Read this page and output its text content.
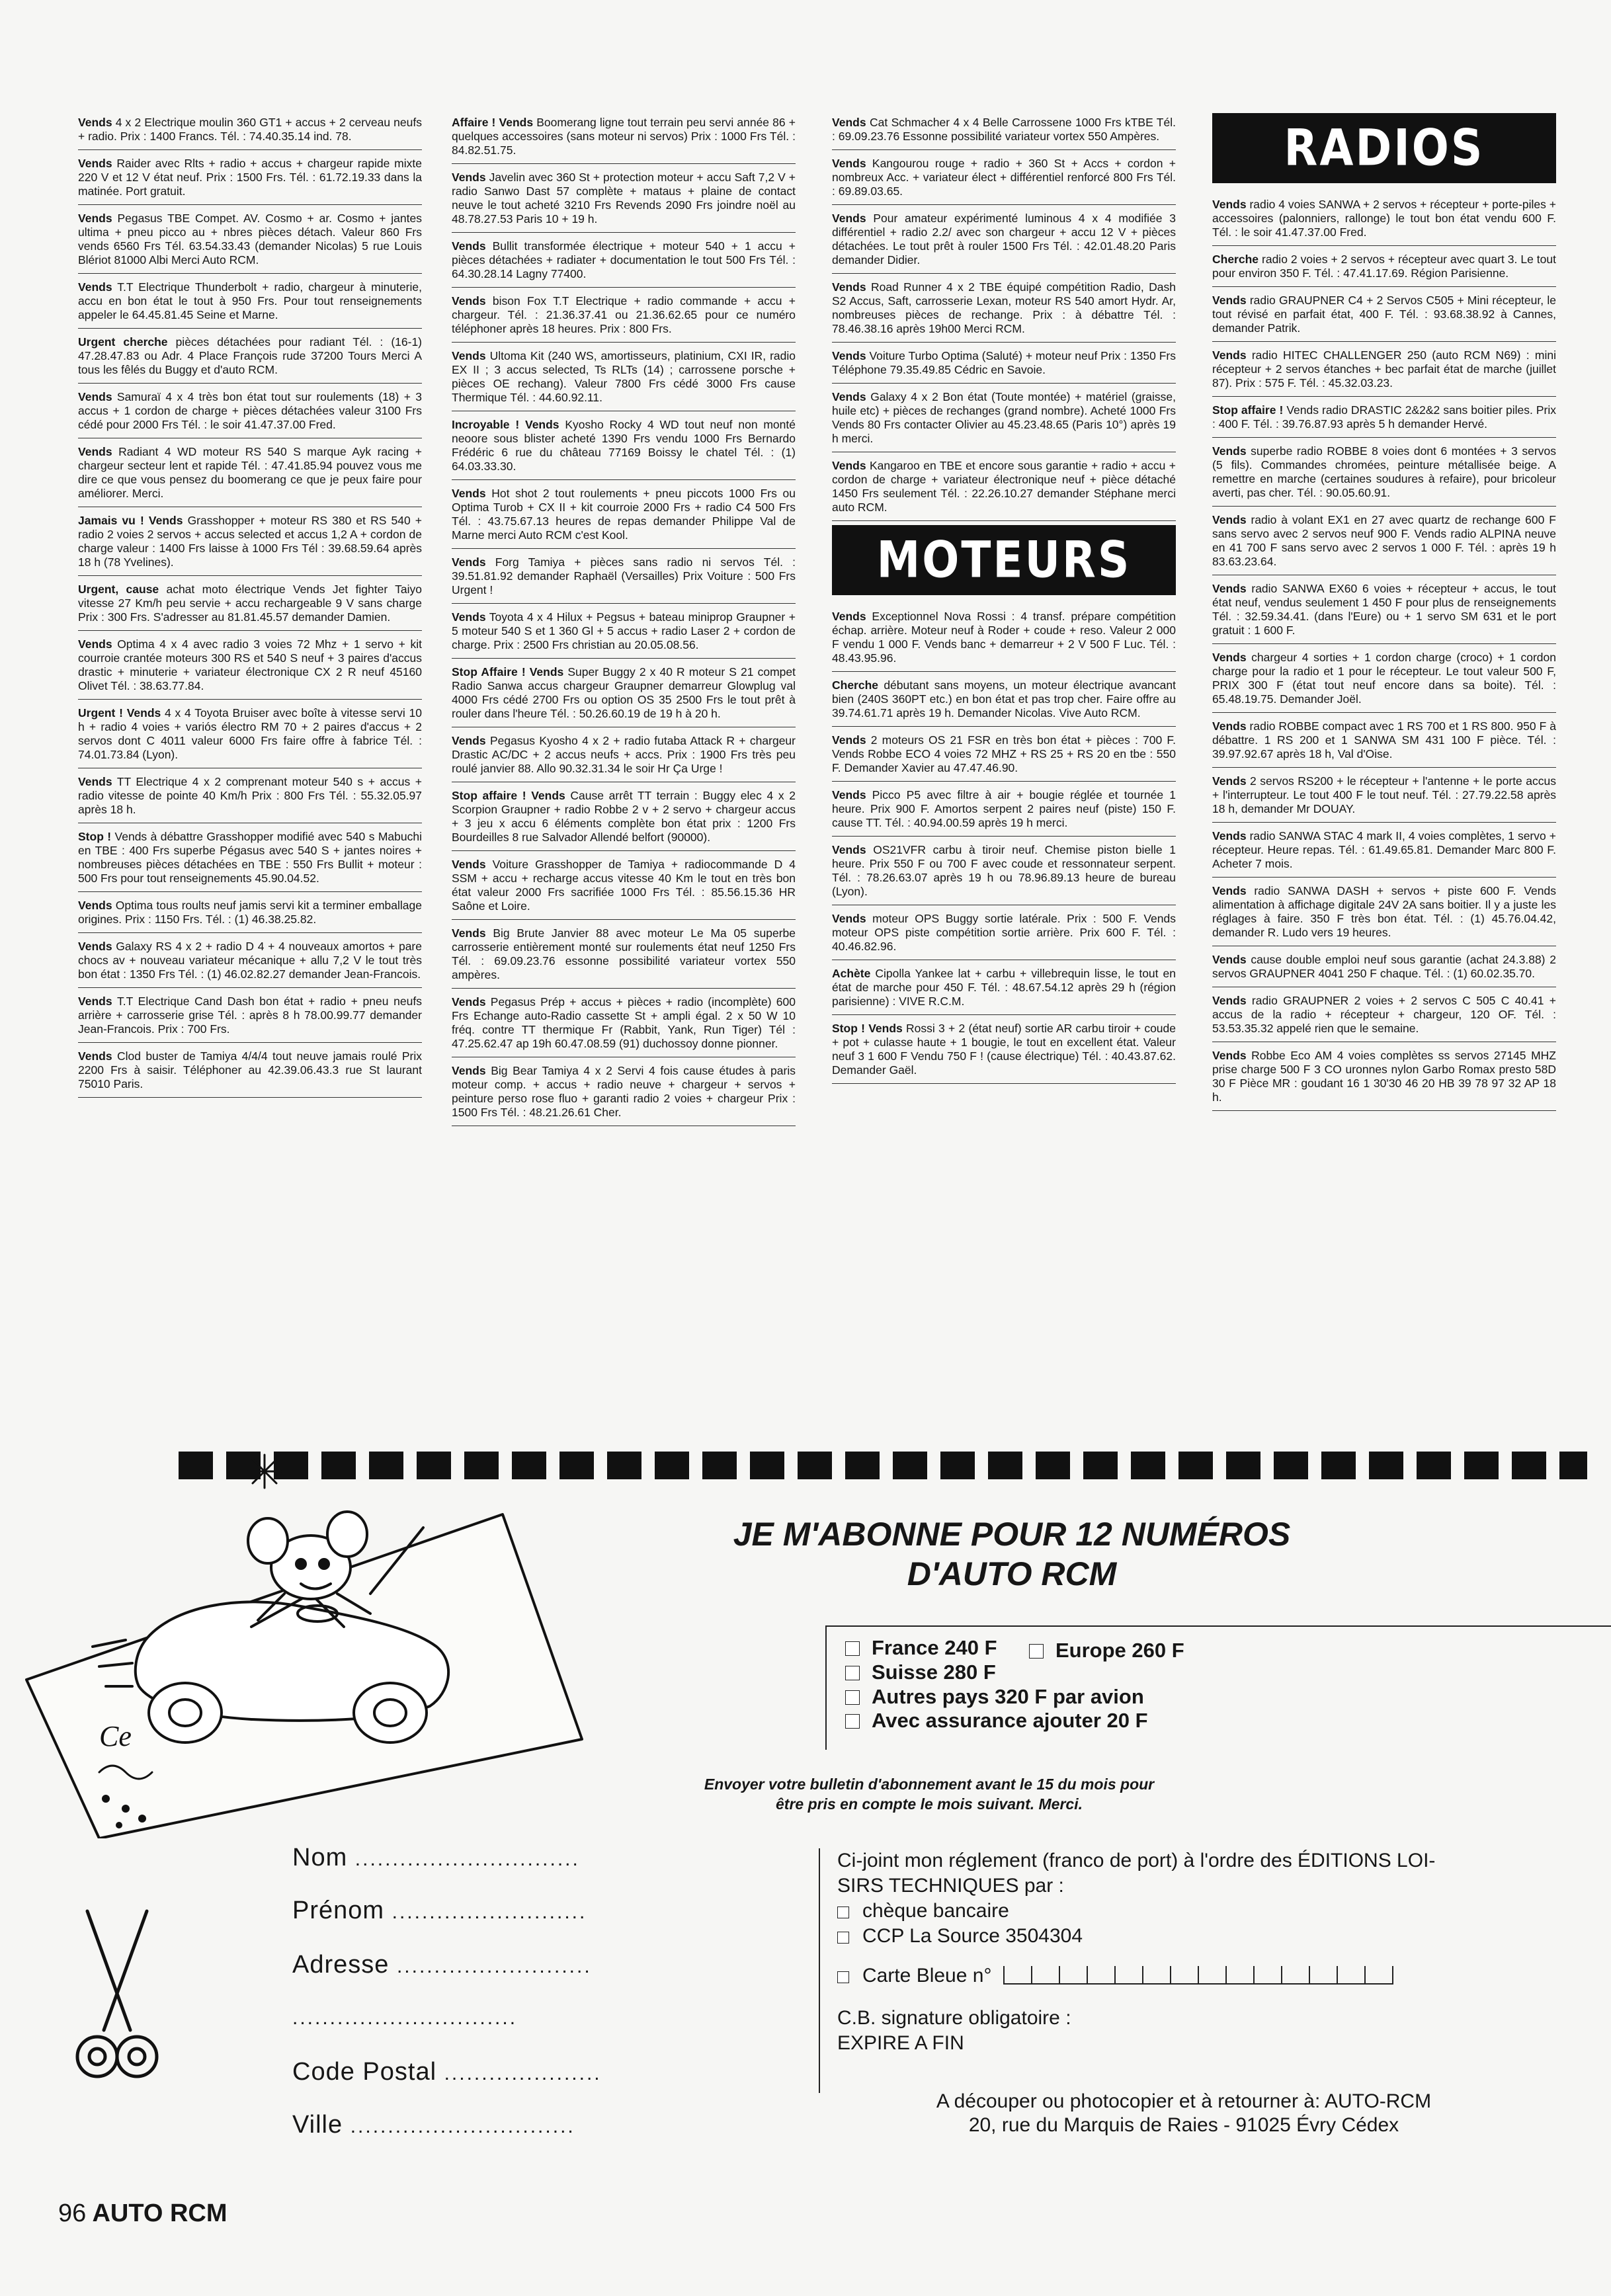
Vends 4 x 2 Electrique moulin 360 GT1 + accus + 2 cerveau neufs + radio. Prix : 1400 Francs. Tél. : 74.40.35.14 ind. 78.
Vends Raider avec Rlts + radio + accus + chargeur rapide mixte 220 V et 12 V état neuf. Prix : 1500 Frs. Tél. : 61.72.19.33 dans la matinée. Port gratuit.
Vends Pegasus TBE Compet. AV. Cosmo + ar. Cosmo + jantes ultima + pneu picco au + nbres pièces détach. Valeur 860 Frs vends 6560 Frs Tél. 63.54.33.43 (demander Nicolas) 5 rue Louis Blériot 81000 Albi Merci Auto RCM.
Vends T.T Electrique Thunderbolt + radio, chargeur à minuterie, accu en bon état le tout à 950 Frs. Pour tout renseignements appeler le 64.45.81.45 Seine et Marne.
Urgent cherche pièces détachées pour radiant Tél. : (16-1) 47.28.47.83 ou Adr. 4 Place François rude 37200 Tours Merci A tous les fêlés du Buggy et d'auto RCM.
Vends Samuraï 4 x 4 très bon état tout sur roulements (18) + 3 accus + 1 cordon de charge + pièces détachées valeur 3100 Frs cédé pour 2000 Frs Tél. : le soir 41.47.37.00 Fred.
Vends Radiant 4 WD moteur RS 540 S marque Ayk racing + chargeur secteur lent et rapide Tél. : 47.41.85.94 pouvez vous me dire ce que vous pensez du boomerang ce que je peux faire pour améliorer. Merci.
Jamais vu ! Vends Grasshopper + moteur RS 380 et RS 540 + radio 2 voies 2 servos + accus selected et accus 1,2 A + cordon de charge valeur : 1400 Frs laisse à 1000 Frs Tél : 39.68.59.64 après 18 h (78 Yvelines).
Urgent, cause achat moto électrique Vends Jet fighter Taiyo vitesse 27 Km/h peu servie + accu rechargeable 9 V sans charge Prix : 300 Frs. S'adresser au 81.81.45.57 demander Damien.
Vends Optima 4 x 4 avec radio 3 voies 72 Mhz + 1 servo + kit courroie crantée moteurs 300 RS et 540 S neuf + 3 paires d'accus drastic + minuterie + variateur électronique CX 2 R neuf 45160 Olivet Tél. : 38.63.77.84.
Urgent ! Vends 4 x 4 Toyota Bruiser avec boîte à vitesse servi 10 h + radio 4 voies + variós électro RM 70 + 2 paires d'accus + 2 servos dont C 4011 valeur 6000 Frs faire offre à fabrice Tél. : 74.01.73.84 (Lyon).
Vends TT Electrique 4 x 2 comprenant moteur 540 s + accus + radio vitesse de pointe 40 Km/h Prix : 800 Frs Tél. : 55.32.05.97 après 18 h.
Stop ! Vends à débattre Grasshopper modifié avec 540 s Mabuchi en TBE : 400 Frs superbe Pégasus avec 540 S + jantes noires + nombreuses pièces détachées en TBE : 550 Frs Bullit + moteur : 500 Frs pour tout renseignements 45.90.04.52.
Vends Optima tous roults neuf jamis servi kit a terminer emballage origines. Prix : 1150 Frs. Tél. : (1) 46.38.25.82.
Vends Galaxy RS 4 x 2 + radio D 4 + 4 nouveaux amortos + pare chocs av + nouveau variateur mécanique + allu 7,2 V le tout très bon état : 1350 Frs Tél. : (1) 46.02.82.27 demander Jean-Francois.
Vends T.T Electrique Cand Dash bon état + radio + pneu neufs arrière + carrosserie grise Tél. : après 8 h 78.00.99.77 demander Jean-Francois. Prix : 700 Frs.
Vends Clod buster de Tamiya 4/4/4 tout neuve jamais roulé Prix 2200 Frs à saisir. Téléphoner au 42.39.06.43.3 rue St laurant 75010 Paris.
Affaire ! Vends Boomerang ligne tout terrain peu servi année 86 + quelques accessoires (sans moteur ni servos) Prix : 1000 Frs Tél. : 84.82.51.75.
Vends Javelin avec 360 St + protection moteur + accu Saft 7,2 V + radio Sanwo Dast 57 complète + mataus + plaine de contact neuve le tout acheté 3210 Frs Revends 2090 Frs joindre noël au 48.78.27.53 Paris 10 + 19 h.
Vends Bullit transformée électrique + moteur 540 + 1 accu + pièces détachées + radiater + documentation le tout 500 Frs Tél. : 64.30.28.14 Lagny 77400.
Vends bison Fox T.T Electrique + radio commande + accu + chargeur. Tél. : 21.36.37.41 ou 21.36.62.65 pour ce numéro téléphoner après 18 heures. Prix : 800 Frs.
Vends Ultoma Kit (240 WS, amortisseurs, platinium, CXI IR, radio EX II ; 3 accus selected, Ts RLTs (14) ; carrossene porsche + pièces OE rechang). Valeur 7800 Frs cédé 3000 Frs cause Thermique Tél. : 44.60.92.11.
Incroyable ! Vends Kyosho Rocky 4 WD tout neuf non monté neoore sous blister acheté 1390 Frs vendu 1000 Frs Bernardo Frédéric 6 rue du château 77169 Boissy le chatel Tél. : (1) 64.03.33.30.
Vends Hot shot 2 tout roulements + pneu piccots 1000 Frs ou Optima Turob + CX II + kit courroie 2000 Frs + radio C4 500 Frs Tél. : 43.75.67.13 heures de repas demander Philippe Val de Marne merci Auto RCM c'est Kool.
Vends Forg Tamiya + pièces sans radio ni servos Tél. : 39.51.81.92 demander Raphaël (Versailles) Prix Voiture : 500 Frs Urgent !
Vends Toyota 4 x 4 Hilux + Pegsus + bateau miniprop Graupner + 5 moteur 540 S et 1 360 Gl + 5 accus + radio Laser 2 + cordon de charge. Prix : 2500 Frs christian au 20.05.08.56.
Stop Affaire ! Vends Super Buggy 2 x 40 R moteur S 21 compet Radio Sanwa accus chargeur Graupner demarreur Glowplug val 4000 Frs cédé 2700 Frs ou option OS 35 2500 Frs le tout prêt à rouler dans l'heure Tél. : 50.26.60.19 de 19 h à 20 h.
Vends Pegasus Kyosho 4 x 2 + radio futaba Attack R + chargeur Drastic AC/DC + 2 accus neufs + accs. Prix : 1900 Frs très peu roulé janvier 88. Allo 90.32.31.34 le soir Hr Ça Urge !
Stop affaire ! Vends Cause arrêt TT terrain : Buggy elec 4 x 2 Scorpion Graupner + radio Robbe 2 v + 2 servo + chargeur accus + 3 jeu x accu 6 éléments complète bon état prix : 1200 Frs Bourdeilles 8 rue Salvador Allendé belfort (90000).
Vends Voiture Grasshopper de Tamiya + radiocommande D 4 SSM + accu + recharge accus vitesse 40 Km le tout en très bon état valeur 2000 Frs sacrifiée 1000 Frs Tél. : 85.56.15.36 HR Saône et Loire.
Vends Big Brute Janvier 88 avec moteur Le Ma 05 superbe carrosserie entièrement monté sur roulements état neuf 1250 Frs Tél. : 69.09.23.76 essonne possibilité variateur vortex 550 ampères.
Vends Pegasus Prép + accus + pièces + radio (incomplète) 600 Frs Echange auto-Radio cassette St + ampli égal. 2 x 50 W 10 fréq. contre TT thermique Fr (Rabbit, Yank, Run Tiger) Tél : 47.25.62.47 ap 19h 60.47.08.59 (91) duchossoy donne pionner.
Vends Big Bear Tamiya 4 x 2 Servi 4 fois cause études à paris moteur comp. + accus + radio neuve + chargeur + servos + peinture perso rose fluo + garanti radio 2 voies + chargeur Prix : 1500 Frs Tél. : 48.21.26.61 Cher.
Vends Cat Schmacher 4 x 4 Belle Carrossene 1000 Frs kTBE Tél. : 69.09.23.76 Essonne possibilité variateur vortex 550 Ampères.
Vends Kangourou rouge + radio + 360 St + Accs + cordon + nombreux Acc. + variateur élect + différentiel renforcé 800 Frs Tél. : 69.89.03.65.
Vends Pour amateur expérimenté luminous 4 x 4 modifiée 3 différentiel + radio 2.2/ avec son chargeur + accu 12 V + pièces détachées. Le tout prêt à rouler 1500 Frs Tél. : 42.01.48.20 Paris demander Didier.
Vends Road Runner 4 x 2 TBE équipé compétition Radio, Dash S2 Accus, Saft, carrosserie Lexan, moteur RS 540 amort Hydr. Ar, nombreuses pièces de rechange. Prix : à débattre Tél. : 78.46.38.16 après 19h00 Merci RCM.
Vends Voiture Turbo Optima (Saluté) + moteur neuf Prix : 1350 Frs Téléphone 79.35.49.85 Cédric en Savoie.
Vends Galaxy 4 x 2 Bon état (Toute montée) + matériel (graisse, huile etc) + pièces de rechanges (grand nombre). Acheté 1000 Frs Vends 80 Frs contacter Olivier au 45.23.48.65 (Paris 10°) après 19 h merci.
Vends Kangaroo en TBE et encore sous garantie + radio + accu + cordon de charge + variateur électronique neuf + pièce détaché 1450 Frs seulement Tél. : 22.26.10.27 demander Stéphane merci auto RCM.
MOTEURS
Vends Exceptionnel Nova Rossi : 4 transf. prépare compétition échap. arrière. Moteur neuf à Roder + coude + reso. Valeur 2 000 F vendu 1 000 F. Vends banc + demarreur + 2 V 500 F Luc. Tél. : 48.43.95.96.
Cherche débutant sans moyens, un moteur électrique avancant bien (240S 360PT etc.) en bon état et pas trop cher. Faire offre au 39.74.61.71 après 19 h. Demander Nicolas. Vive Auto RCM.
Vends 2 moteurs OS 21 FSR en très bon état + pièces : 700 F. Vends Robbe ECO 4 voies 72 MHZ + RS 25 + RS 20 en tbe : 550 F. Demander Xavier au 47.47.46.90.
Vends Picco P5 avec filtre à air + bougie réglée et tournée 1 heure. Prix 900 F. Amortos serpent 2 paires neuf (piste) 150 F. cause TT. Tél. : 40.94.00.59 après 19 h merci.
Vends OS21VFR carbu à tiroir neuf. Chemise piston bielle 1 heure. Prix 550 F ou 700 F avec coude et ressonnateur serpent. Tél. : 78.26.63.07 après 19 h ou 78.96.89.13 heure de bureau (Lyon).
Vends moteur OPS Buggy sortie latérale. Prix : 500 F. Vends moteur OPS piste compétition sortie arrière. Prix 600 F. Tél. : 40.46.82.96.
Achète Cipolla Yankee lat + carbu + villebrequin lisse, le tout en état de marche pour 450 F. Tél. : 48.67.54.12 après 29 h (région parisienne) : VIVE R.C.M.
Stop ! Vends Rossi 3 + 2 (état neuf) sortie AR carbu tiroir + coude + pot + culasse haute + 1 bougie, le tout en excellent état. Valeur neuf 3 1 600 F Vendu 750 F ! (cause électrique) Tél. : 40.43.87.62. Demander Gaël.
RADIOS
Vends radio 4 voies SANWA + 2 servos + récepteur + porte-piles + accessoires (palonniers, rallonge) le tout bon état vendu 600 F. Tél. : le soir 41.47.37.00 Fred.
Cherche radio 2 voies + 2 servos + récepteur avec quart 3. Le tout pour environ 350 F. Tél. : 47.41.17.69. Région Parisienne.
Vends radio GRAUPNER C4 + 2 Servos C505 + Mini récepteur, le tout révisé en parfait état, 400 F. Tél. : 93.68.38.92 à Cannes, demander Patrik.
Vends radio HITEC CHALLENGER 250 (auto RCM N69) : mini récepteur + 2 servos étanches + bec parfait état de marche (juillet 87). Prix : 575 F. Tél. : 45.32.03.23.
Stop affaire ! Vends radio DRASTIC 2&2&2 sans boitier piles. Prix : 400 F. Tél. : 39.76.87.93 après 5 h demander Hervé.
Vends superbe radio ROBBE 8 voies dont 6 montées + 3 servos (5 fils). Commandes chromées, peinture métallisée beige. A remettre en marche (certaines soudures à refaire), pour bricoleur averti, pas cher. Tél. : 90.05.60.91.
Vends radio à volant EX1 en 27 avec quartz de rechange 600 F sans servo avec 2 servos neuf 900 F. Vends radio ALPINA neuve en 41 700 F sans servo avec 2 servos 1 000 F. Tél. : après 19 h 83.63.23.64.
Vends radio SANWA EX60 6 voies + récepteur + accus, le tout état neuf, vendus seulement 1 450 F pour plus de renseignements Tél. : 32.59.34.41. (dans l'Eure) ou + 1 servo SM 631 et le port gratuit : 1 600 F.
Vends chargeur 4 sorties + 1 cordon charge (croco) + 1 cordon charge pour la radio et 1 pour le récepteur. Le tout valeur 500 F, PRIX 300 F (état tout neuf encore dans sa boite). Tél. : 65.48.19.75. Demander Joël.
Vends radio ROBBE compact avec 1 RS 700 et 1 RS 800. 950 F à débattre. 1 RS 200 et 1 SANWA SM 431 100 F pièce. Tél. : 39.97.92.67 après 18 h, Val d'Oise.
Vends 2 servos RS200 + le récepteur + l'antenne + le porte accus + l'interrupteur. Le tout 400 F le tout neuf. Tél. : 27.79.22.58 après 18 h, demander Mr DOUAY.
Vends radio SANWA STAC 4 mark II, 4 voies complètes, 1 servo + récepteur. Heure repas. Tél. : 61.49.65.81. Demander Marc 800 F. Acheter 7 mois.
Vends radio SANWA DASH + servos + piste 600 F. Vends alimentation à affichage digitale 24V 2A sans boitier. Il y a juste les réglages à faire. 350 F très bon état. Tél. : (1) 45.76.04.42, demander R. Ludo vers 19 heures.
Vends cause double emploi neuf sous garantie (achat 24.3.88) 2 servos GRAUPNER 4041 250 F chaque. Tél. : (1) 60.02.35.70.
Vends radio GRAUPNER 2 voies + 2 servos C 505 C 40.41 + accus de la radio + récepteur + chargeur, 120 OF. Tél. : 53.53.35.32 appelé rien que le semaine.
Vends Robbe Eco AM 4 voies complètes ss servos 27145 MHZ prise charge 500 F 3 CO uronnes nylon Garbo Romax presto 58D 30 F Pièce MR : goudant 16 1 30'30 46 20 HB 39 78 97 32 AP 18 h.
Ce
JE M'ABONNE POUR 12 NUMÉROS
D'AUTO RCM
France 240 F	Europe 260 F
Suisse 280 F
Autres pays 320 F par avion
Avec assurance ajouter 20 F
Envoyer votre bulletin d'abonnement avant le 15 du mois pour
être pris en compte le mois suivant. Merci.
Nom ..............................
Prénom ..........................
Adresse ..........................
..............................
Code Postal .....................
Ville ..............................
Ci-joint mon réglement (franco de port) à l'ordre des ÉDITIONS LOI-
SIRS TECHNIQUES par :
chèque bancaire
CCP La Source 3504304
Carte Bleue n°
C.B. signature obligatoire :
EXPIRE A FIN
A découper ou photocopier et à retourner à: AUTO-RCM
20, rue du Marquis de Raies - 91025 Évry Cédex
96 AUTO RCM
